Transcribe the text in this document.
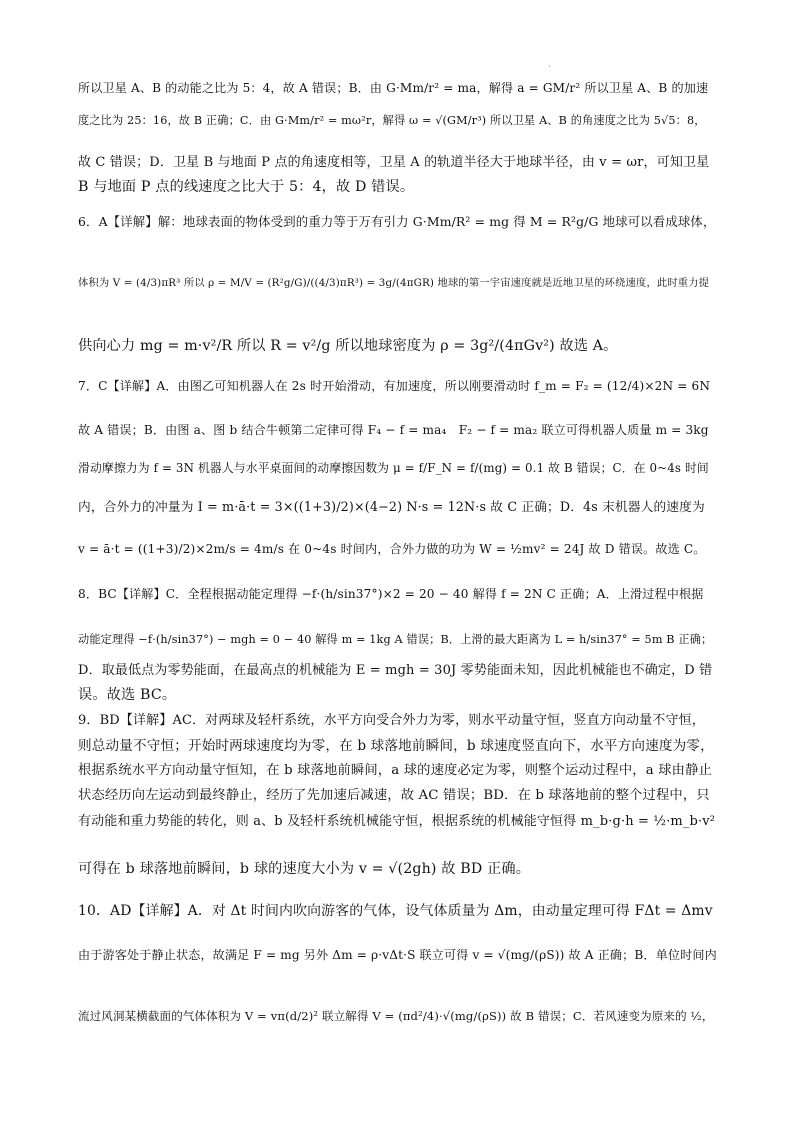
·
所以卫星 A、B 的动能之比为 5：4，故 A 错误；B．由 G·Mm/r² = ma，解得 a = GM/r² 所以卫星 A、B 的加速
度之比为 25：16，故 B 正确；C．由 G·Mm/r² = mω²r，解得 ω = √(GM/r³) 所以卫星 A、B 的角速度之比为 5√5：8，
故 C 错误；D．卫星 B 与地面 P 点的角速度相等，卫星 A 的轨道半径大于地球半径，由 v = ωr，可知卫星
B 与地面 P 点的线速度之比大于 5：4，故 D 错误。
6．A【详解】解：地球表面的物体受到的重力等于万有引力 G·Mm/R² = mg 得 M = R²g/G 地球可以看成球体，
体积为 V = (4/3)πR³ 所以 ρ = M/V = (R²g/G)/((4/3)πR³) = 3g/(4πGR) 地球的第一宇宙速度就是近地卫星的环绕速度，此时重力提
供向心力 mg = m·v²/R 所以 R = v²/g 所以地球密度为 ρ = 3g²/(4πGv²) 故选 A。
7．C【详解】A．由图乙可知机器人在 2s 时开始滑动，有加速度，所以刚要滑动时 f_m = F₂ = (12/4)×2N = 6N
故 A 错误；B．由图 a、图 b 结合牛顿第二定律可得 F₄ − f = ma₄　F₂ − f = ma₂ 联立可得机器人质量 m = 3kg
滑动摩擦力为 f = 3N 机器人与水平桌面间的动摩擦因数为 μ = f/F_N = f/(mg) = 0.1 故 B 错误；C．在 0~4s 时间
内，合外力的冲量为 I = m·ā·t = 3×((1+3)/2)×(4−2) N·s = 12N·s 故 C 正确；D．4s 末机器人的速度为
v = ā·t = ((1+3)/2)×2m/s = 4m/s 在 0~4s 时间内，合外力做的功为 W = ½mv² = 24J 故 D 错误。故选 C。
8．BC【详解】C．全程根据动能定理得 −f·(h/sin37°)×2 = 20 − 40 解得 f = 2N C 正确；A．上滑过程中根据
动能定理得 −f·(h/sin37°) − mgh = 0 − 40 解得 m = 1kg A 错误；B．上滑的最大距离为 L = h/sin37° = 5m B 正确；
D．取最低点为零势能面，在最高点的机械能为 E = mgh = 30J 零势能面未知，因此机械能也不确定，D 错
误。故选 BC。
9．BD【详解】AC．对两球及轻杆系统，水平方向受合外力为零，则水平动量守恒，竖直方向动量不守恒，
则总动量不守恒；开始时两球速度均为零，在 b 球落地前瞬间，b 球速度竖直向下，水平方向速度为零，
根据系统水平方向动量守恒知，在 b 球落地前瞬间，a 球的速度必定为零，则整个运动过程中，a 球由静止
状态经历向左运动到最终静止，经历了先加速后减速，故 AC 错误；BD．在 b 球落地前的整个过程中，只
有动能和重力势能的转化，则 a、b 及轻杆系统机械能守恒，根据系统的机械能守恒得 m_b·g·h = ½·m_b·v²
可得在 b 球落地前瞬间，b 球的速度大小为 v = √(2gh) 故 BD 正确。
10．AD【详解】A．对 Δt 时间内吹向游客的气体，设气体质量为 Δm，由动量定理可得 FΔt = Δmv
由于游客处于静止状态，故满足 F = mg 另外 Δm = ρ·vΔt·S 联立可得 v = √(mg/(ρS)) 故 A 正确；B．单位时间内
流过风洞某横截面的气体体积为 V = vπ(d/2)² 联立解得 V = (πd²/4)·√(mg/(ρS)) 故 B 错误；C．若风速变为原来的 ½，
